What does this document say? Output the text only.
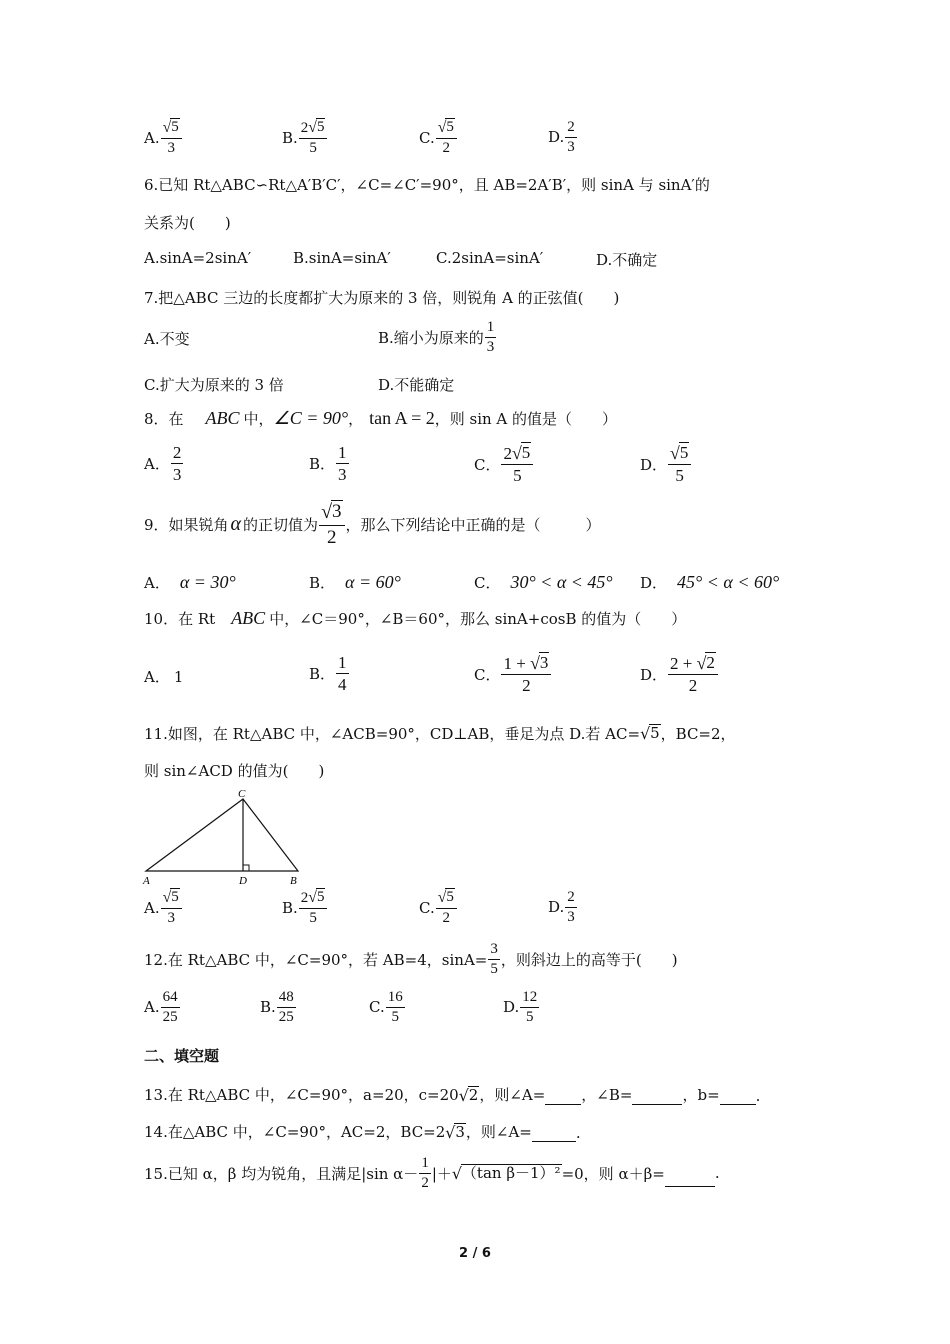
A. $\frac{√ 5}{3}$	B. $\frac{2 √ 5}{5}$	C. $\frac{√ 5}{2}$	D. $\frac{2}{3}$
6.已知 Rt△ABC∽Rt△A′B′C′，∠C=∠C′=90°，且 AB=2A′B′，则 sinA 与 sinA′的
关系为(　　)
A.sinA=2sinA′	B.sinA=sinA′	C.2sinA=sinA′	D.不确定
7.把△ABC 三边的长度都扩大为原来的 3 倍，则锐角 A 的正弦值(　　)
A.不变	B.缩小为原来的 $\frac{1}{3}$
C.扩大为原来的 3 倍	D.不能确定
8．在 ABC 中， ∠C = 90° ， tan A = 2 ，则 sin A 的值是（　　）
A． $\frac{2}{3}$	B． $\frac{1}{3}$	C． $\frac{2 √ 5}{5}$	D． $\frac{√ 5}{5}$
9．如果锐角 α 的正切值为 $\frac{√ 3}{2}$ ，那么下列结论中正确的是（　　　）
A． α = 30°	B． α = 60°	C． 30° < α < 45° D． 45° < α < 60°
10．在 Rt ABC 中，∠C＝90°，∠B＝60°，那么 sinA+cosB 的值为（　　）
A． 1	B． $\frac{1}{4}$	C． $\frac{1 + √ 3}{2}$	D． $\frac{2 + √ 2}{2}$
11.如图，在 Rt△ABC 中，∠ACB=90°，CD⊥AB，垂足为点 D.若 AC= √ 5 ，BC=2，
则 sin∠ACD 的值为(　　)
C
A	D	B
A. $\frac{√ 5}{3}$	B. $\frac{2 √ 5}{5}$	C. $\frac{√ 5}{2}$	D. $\frac{2}{3}$
12.在 Rt△ABC 中，∠C=90°，若 AB=4，$\sin A= \frac{3}{5}$ ，则斜边上的高等于(　　)
A. $\frac{64}{25}$	B. $\frac{48}{25}$	C. $\frac{16}{5}$	D. $\frac{12}{5}$
二、填空题
13.在 Rt△ABC 中，∠C=90°，a=20，c=20 √ 2 ，则∠A= ，∠B=	，b= .
14.在△ABC 中，∠C=90°，AC=2，BC=2 √ 3 ，则∠A=	.
15.已知 α，β 均为锐角，且满足|sin $\alpha- \frac{1}{2}$ |＋ √ （tan β－1）² =0，则 α＋β=	.
2 / 6
